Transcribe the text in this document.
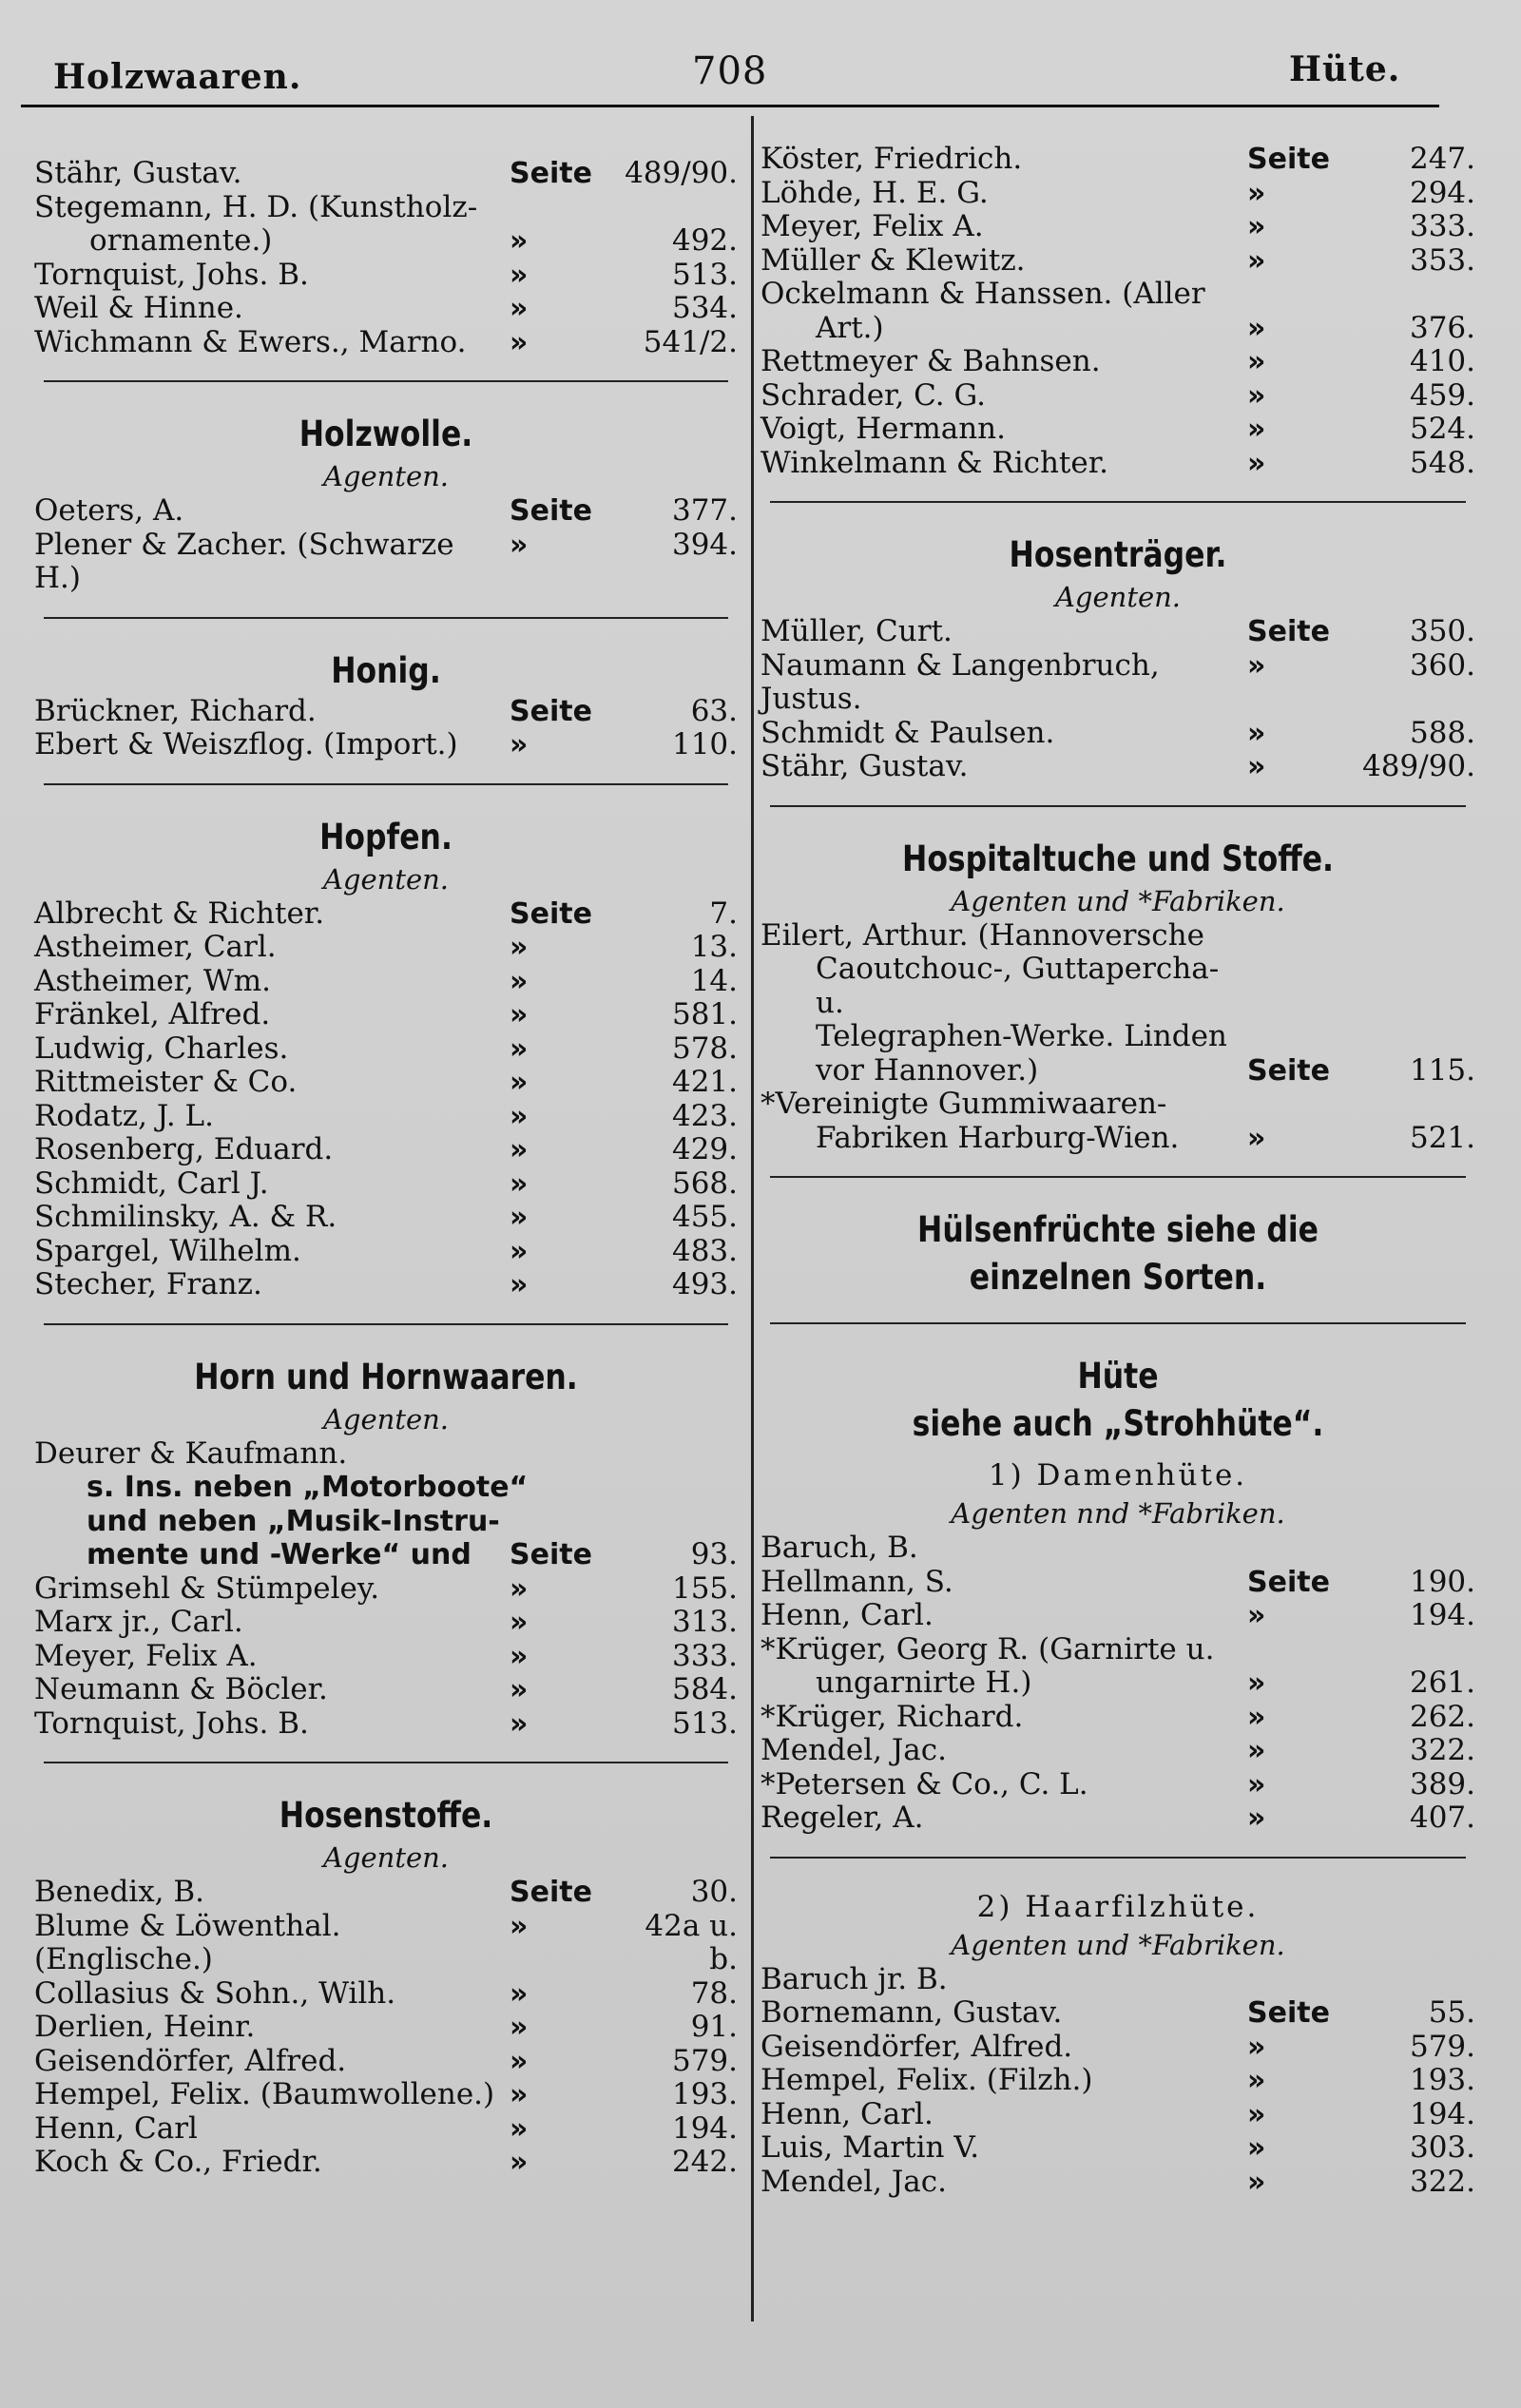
Holzwaaren.	708	Hüte.
Stähr, Gustav.	Seite	489/90.
Stegemann, H. D. (Kunstholz-
ornamente.)	»	492.
Tornquist, Johs. B.	»	513.
Weil & Hinne.	»	534.
Wichmann & Ewers., Marno.	»	541/2.
Holzwolle.
Agenten.
Oeters, A.	Seite	377.
Plener & Zacher. (Schwarze H.)
»	394.
Honig.
Brückner, Richard.	Seite	63.
Ebert & Weiszflog. (Import.)	»	110.
Hopfen.
Agenten.
Albrecht & Richter.	Seite	7.
Astheimer, Carl.	»	13.
Astheimer, Wm.	»	14.
Fränkel, Alfred.	»	581.
Ludwig, Charles.	»	578.
Rittmeister & Co.	»	421.
Rodatz, J. L.	»	423.
Rosenberg, Eduard.	»	429.
Schmidt, Carl J.	»	568.
Schmilinsky, A. & R.	»	455.
Spargel, Wilhelm.	»	483.
Stecher, Franz.	»	493.
Horn und Hornwaaren.
Agenten.
Deurer & Kaufmann.
s. Ins. neben „Motorboote“
und neben „Musik-Instru-
mente und -Werke“ und	Seite	93.
Grimsehl & Stümpeley.	»	155.
Marx jr., Carl.	»	313.
Meyer, Felix A.	»	333.
Neumann & Böcler.	»	584.
Tornquist, Johs. B.	»	513.
Hosenstoffe.
Agenten.
Benedix, B.	Seite	30.
Blume & Löwenthal. (Englische.)
»	42a u. b.
Collasius & Sohn., Wilh.	»	78.
Derlien, Heinr.	»	91.
Geisendörfer, Alfred.	»	579.
Hempel, Felix. (Baumwollene.) »	193.
Henn, Carl	»	194.
Koch & Co., Friedr.	»	242.
Köster, Friedrich.	Seite	247.
Löhde, H. E. G.	»	294.
Meyer, Felix A.	»	333.
Müller & Klewitz.	»	353.
Ockelmann & Hanssen. (Aller
Art.)	»	376.
Rettmeyer & Bahnsen.	»	410.
Schrader, C. G.	»	459.
Voigt, Hermann.	»	524.
Winkelmann & Richter.	»	548.
Hosenträger.
Agenten.
Müller, Curt.	Seite	350.
Naumann & Langenbruch, Justus.
»	360.
Schmidt & Paulsen.	»	588.
Stähr, Gustav.	»	489/90.
Hospitaltuche und Stoffe.
Agenten und *Fabriken.
Eilert, Arthur. (Hannoversche
Caoutchouc-, Guttapercha- u.
Telegraphen-Werke. Linden
vor Hannover.)	Seite	115.
*Vereinigte Gummiwaaren-
Fabriken Harburg-Wien.	»	521.
Hülsenfrüchte siehe die
einzelnen Sorten.
Hüte
siehe auch „Strohhüte“.
1) Damenhüte.
Agenten nnd *Fabriken.
Baruch, B.
Hellmann, S.	Seite	190.
Henn, Carl.	»	194.
*Krüger, Georg R. (Garnirte u.
ungarnirte H.)	»	261.
*Krüger, Richard.	»	262.
Mendel, Jac.	»	322.
*Petersen & Co., C. L.	»	389.
Regeler, A.	»	407.
2) Haarfilzhüte.
Agenten und *Fabriken.
Baruch jr. B.
Bornemann, Gustav.	Seite	55.
Geisendörfer, Alfred.	»	579.
Hempel, Felix. (Filzh.)	»	193.
Henn, Carl.	»	194.
Luis, Martin V.	»	303.
Mendel, Jac.	»	322.
